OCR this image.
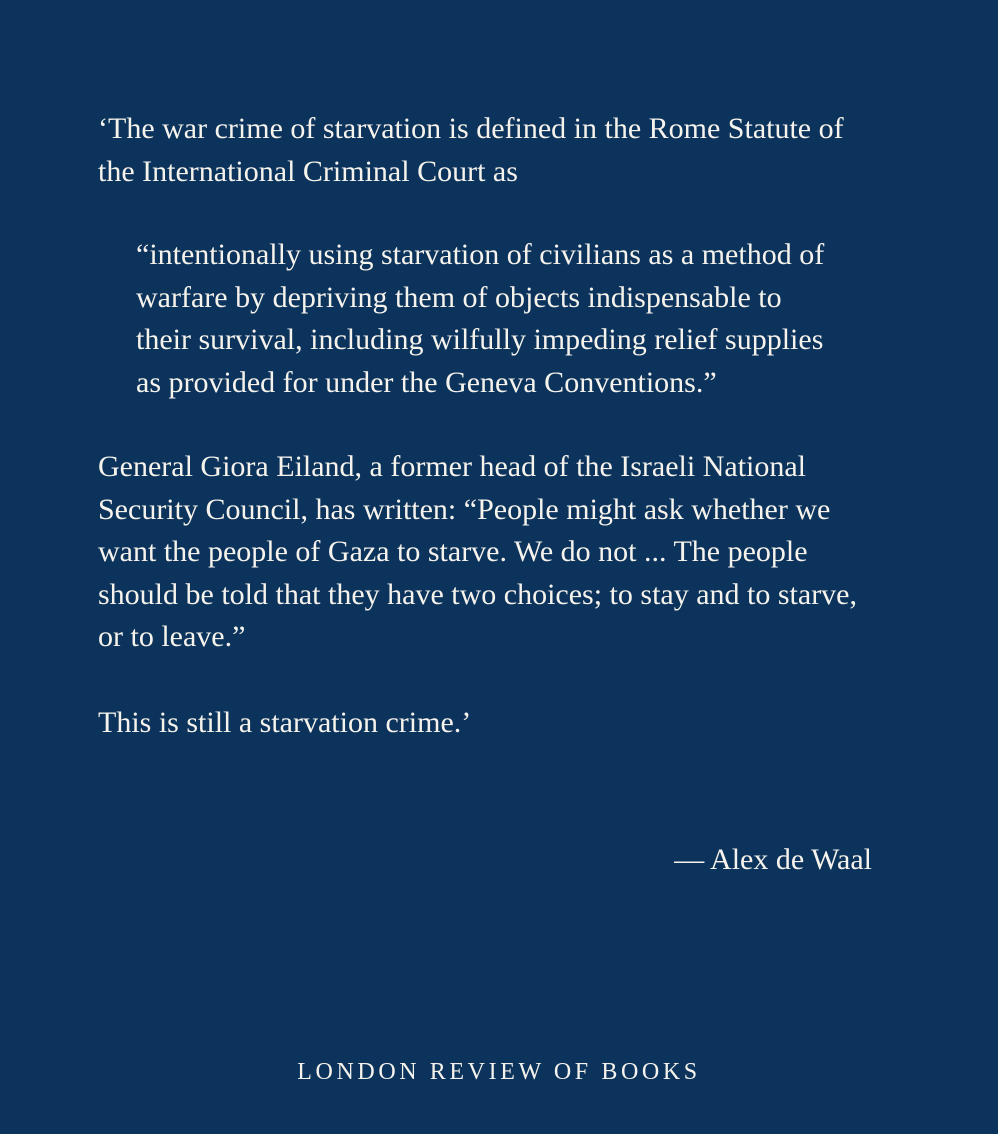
‘The war crime of starvation is defined in the Rome Statute of the International Criminal Court as

“intentionally using starvation of civilians as a method of warfare by depriving them of objects indispensable to their survival, including wilfully impeding relief supplies as provided for under the Geneva Conventions.”

General Giora Eiland, a former head of the Israeli National Security Council, has written: “People might ask whether we want the people of Gaza to starve. We do not ... The people should be told that they have two choices; to stay and to starve, or to leave.”

This is still a starvation crime.’

— Alex de Waal

LONDON REVIEW OF BOOKS
